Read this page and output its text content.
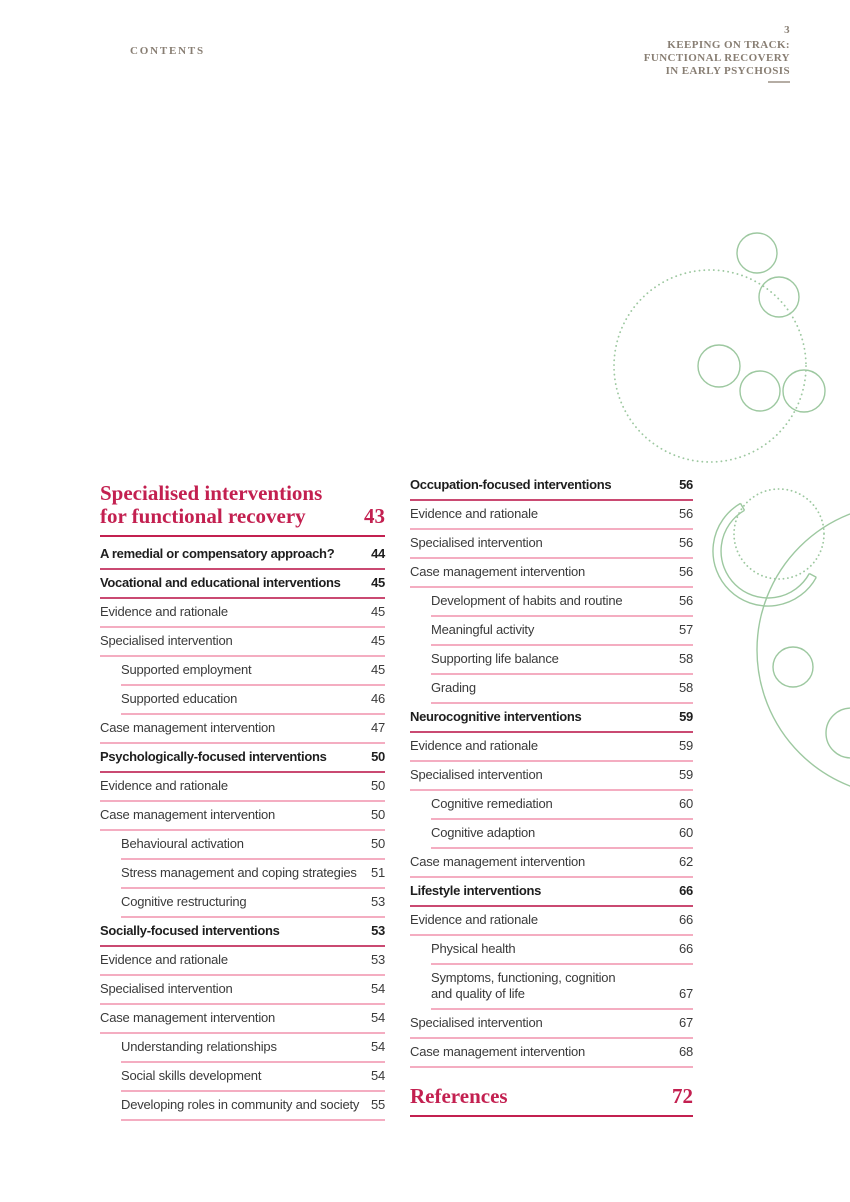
CONTENTS
3
KEEPING ON TRACK:
FUNCTIONAL RECOVERY
IN EARLY PSYCHOSIS
Specialised interventions
for functional recovery	43
A remedial or compensatory approach?	44
Vocational and educational interventions	45
Evidence and rationale	45
Specialised intervention	45
Supported employment	45
Supported education	46
Case management intervention	47
Psychologically-focused interventions	50
Evidence and rationale	50
Case management intervention	50
Behavioural activation	50
Stress management and coping strategies	51
Cognitive restructuring	53
Socially-focused interventions	53
Evidence and rationale	53
Specialised intervention	54
Case management intervention	54
Understanding relationships	54
Social skills development	54
Developing roles in community and society 55
Occupation-focused interventions	56
Evidence and rationale	56
Specialised intervention	56
Case management intervention	56
Development of habits and routine	56
Meaningful activity	57
Supporting life balance	58
Grading	58
Neurocognitive interventions	59
Evidence and rationale	59
Specialised intervention	59
Cognitive remediation	60
Cognitive adaption	60
Case management intervention	62
Lifestyle interventions	66
Evidence and rationale	66
Physical health	66
Symptoms, functioning, cognition
and quality of life	67
Specialised intervention	67
Case management intervention	68
References	72
